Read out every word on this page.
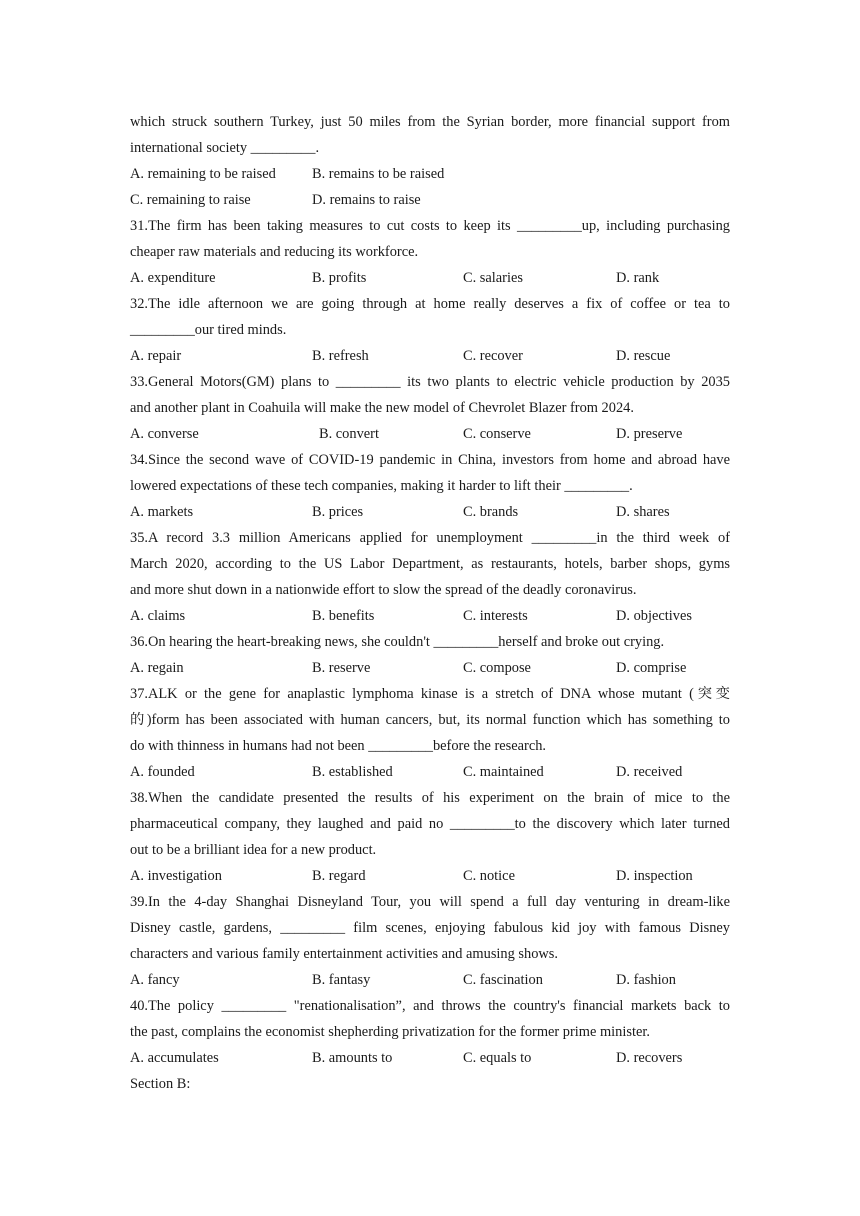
which struck southern Turkey, just 50 miles from the Syrian border, more financial support from
international society _________.
A. remaining to be raised	B. remains to be raised
C. remaining to raise	D. remains to raise
31.The firm has been taking measures to cut costs to keep its _________up, including purchasing
cheaper raw materials and reducing its workforce.
A. expenditure	B. profits	C. salaries	D. rank
32.The idle afternoon we are going through at home really deserves a fix of coffee or tea to
_________our tired minds.
A. repair	B. refresh	C. recover	D. rescue
33.General Motors(GM) plans to _________ its two plants to electric vehicle production by 2035
and another plant in Coahuila will make the new model of Chevrolet Blazer from 2024.
A. converse	B. convert	C. conserve	D. preserve
34.Since the second wave of COVID-19 pandemic in China, investors from home and abroad have
lowered expectations of these tech companies, making it harder to lift their _________.
A. markets	B. prices	C. brands	D. shares
35.A record 3.3 million Americans applied for unemployment _________in the third week of
March 2020, according to the US Labor Department, as restaurants, hotels, barber shops, gyms
and more shut down in a nationwide effort to slow the spread of the deadly coronavirus.
A. claims	B. benefits	C. interests	D. objectives
36.On hearing the heart-breaking news, she couldn't _________herself and broke out crying.
A. regain	B. reserve	C. compose	D. comprise
37.ALK or the gene for anaplastic lymphoma kinase is a stretch of DNA whose mutant (突变
的)form has been associated with human cancers, but, its normal function which has something to
do with thinness in humans had not been _________before the research.
A. founded	B. established	C. maintained	D. received
38.When the candidate presented the results of his experiment on the brain of mice to the
pharmaceutical company, they laughed and paid no _________to the discovery which later turned
out to be a brilliant idea for a new product.
A. investigation	B. regard	C. notice	D. inspection
39.In the 4-day Shanghai Disneyland Tour, you will spend a full day venturing in dream-like
Disney castle, gardens, _________ film scenes, enjoying fabulous kid joy with famous Disney
characters and various family entertainment activities and amusing shows.
A. fancy	B. fantasy	C. fascination	D. fashion
40.The policy _________ "renationalisation”, and throws the country's financial markets back to
the past, complains the economist shepherding privatization for the former prime minister.
A. accumulates	B. amounts to	C. equals to	D. recovers
Section B:
